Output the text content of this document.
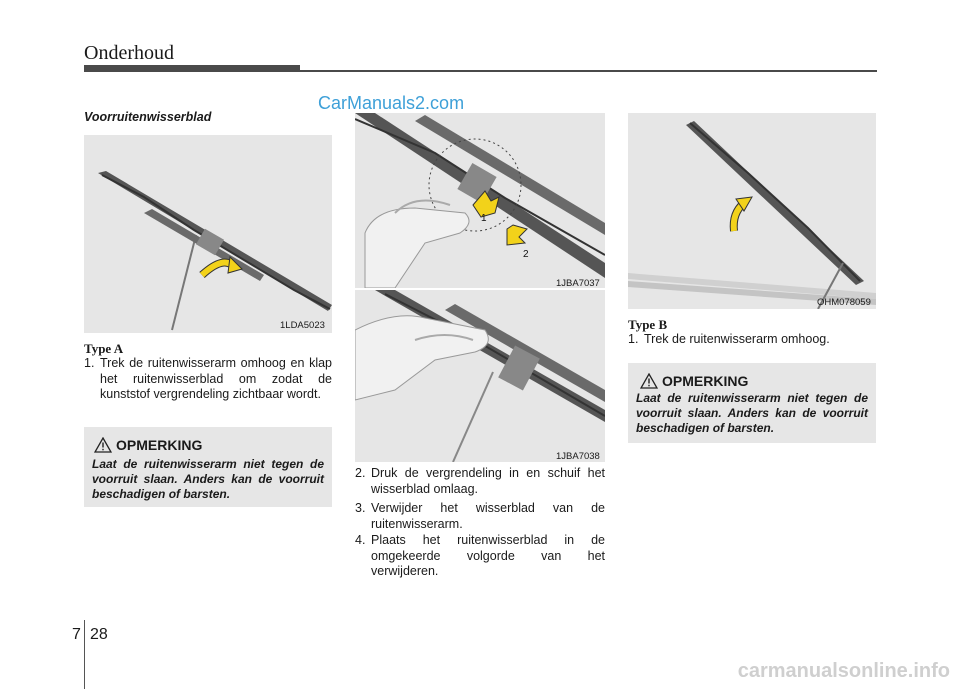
Onderhoud
CarManuals2.com
Voorruitenwisserblad
1LDA5023
Type A
1. Trek de ruitenwisserarm omhoog en klap het ruitenwisserblad om zodat de kunststof vergrendeling zichtbaar wordt.
OPMERKING
Laat de ruitenwisserarm niet tegen de voorruit slaan. Anders kan de voorruit beschadigen of barsten.
1
2
1JBA7037
1JBA7038
2. Druk de vergrendeling in en schuif het wisserblad omlaag.
3. Verwijder het wisserblad van de ruitenwisserarm.
4. Plaats het ruitenwisserblad in de omgekeerde volgorde van het verwijderen.
OHM078059
Type B
1. Trek de ruitenwisserarm omhoog.
OPMERKING
Laat de ruitenwisserarm niet tegen de voorruit slaan. Anders kan de voorruit beschadigen of barsten.
7 28
carmanualsonline.info
